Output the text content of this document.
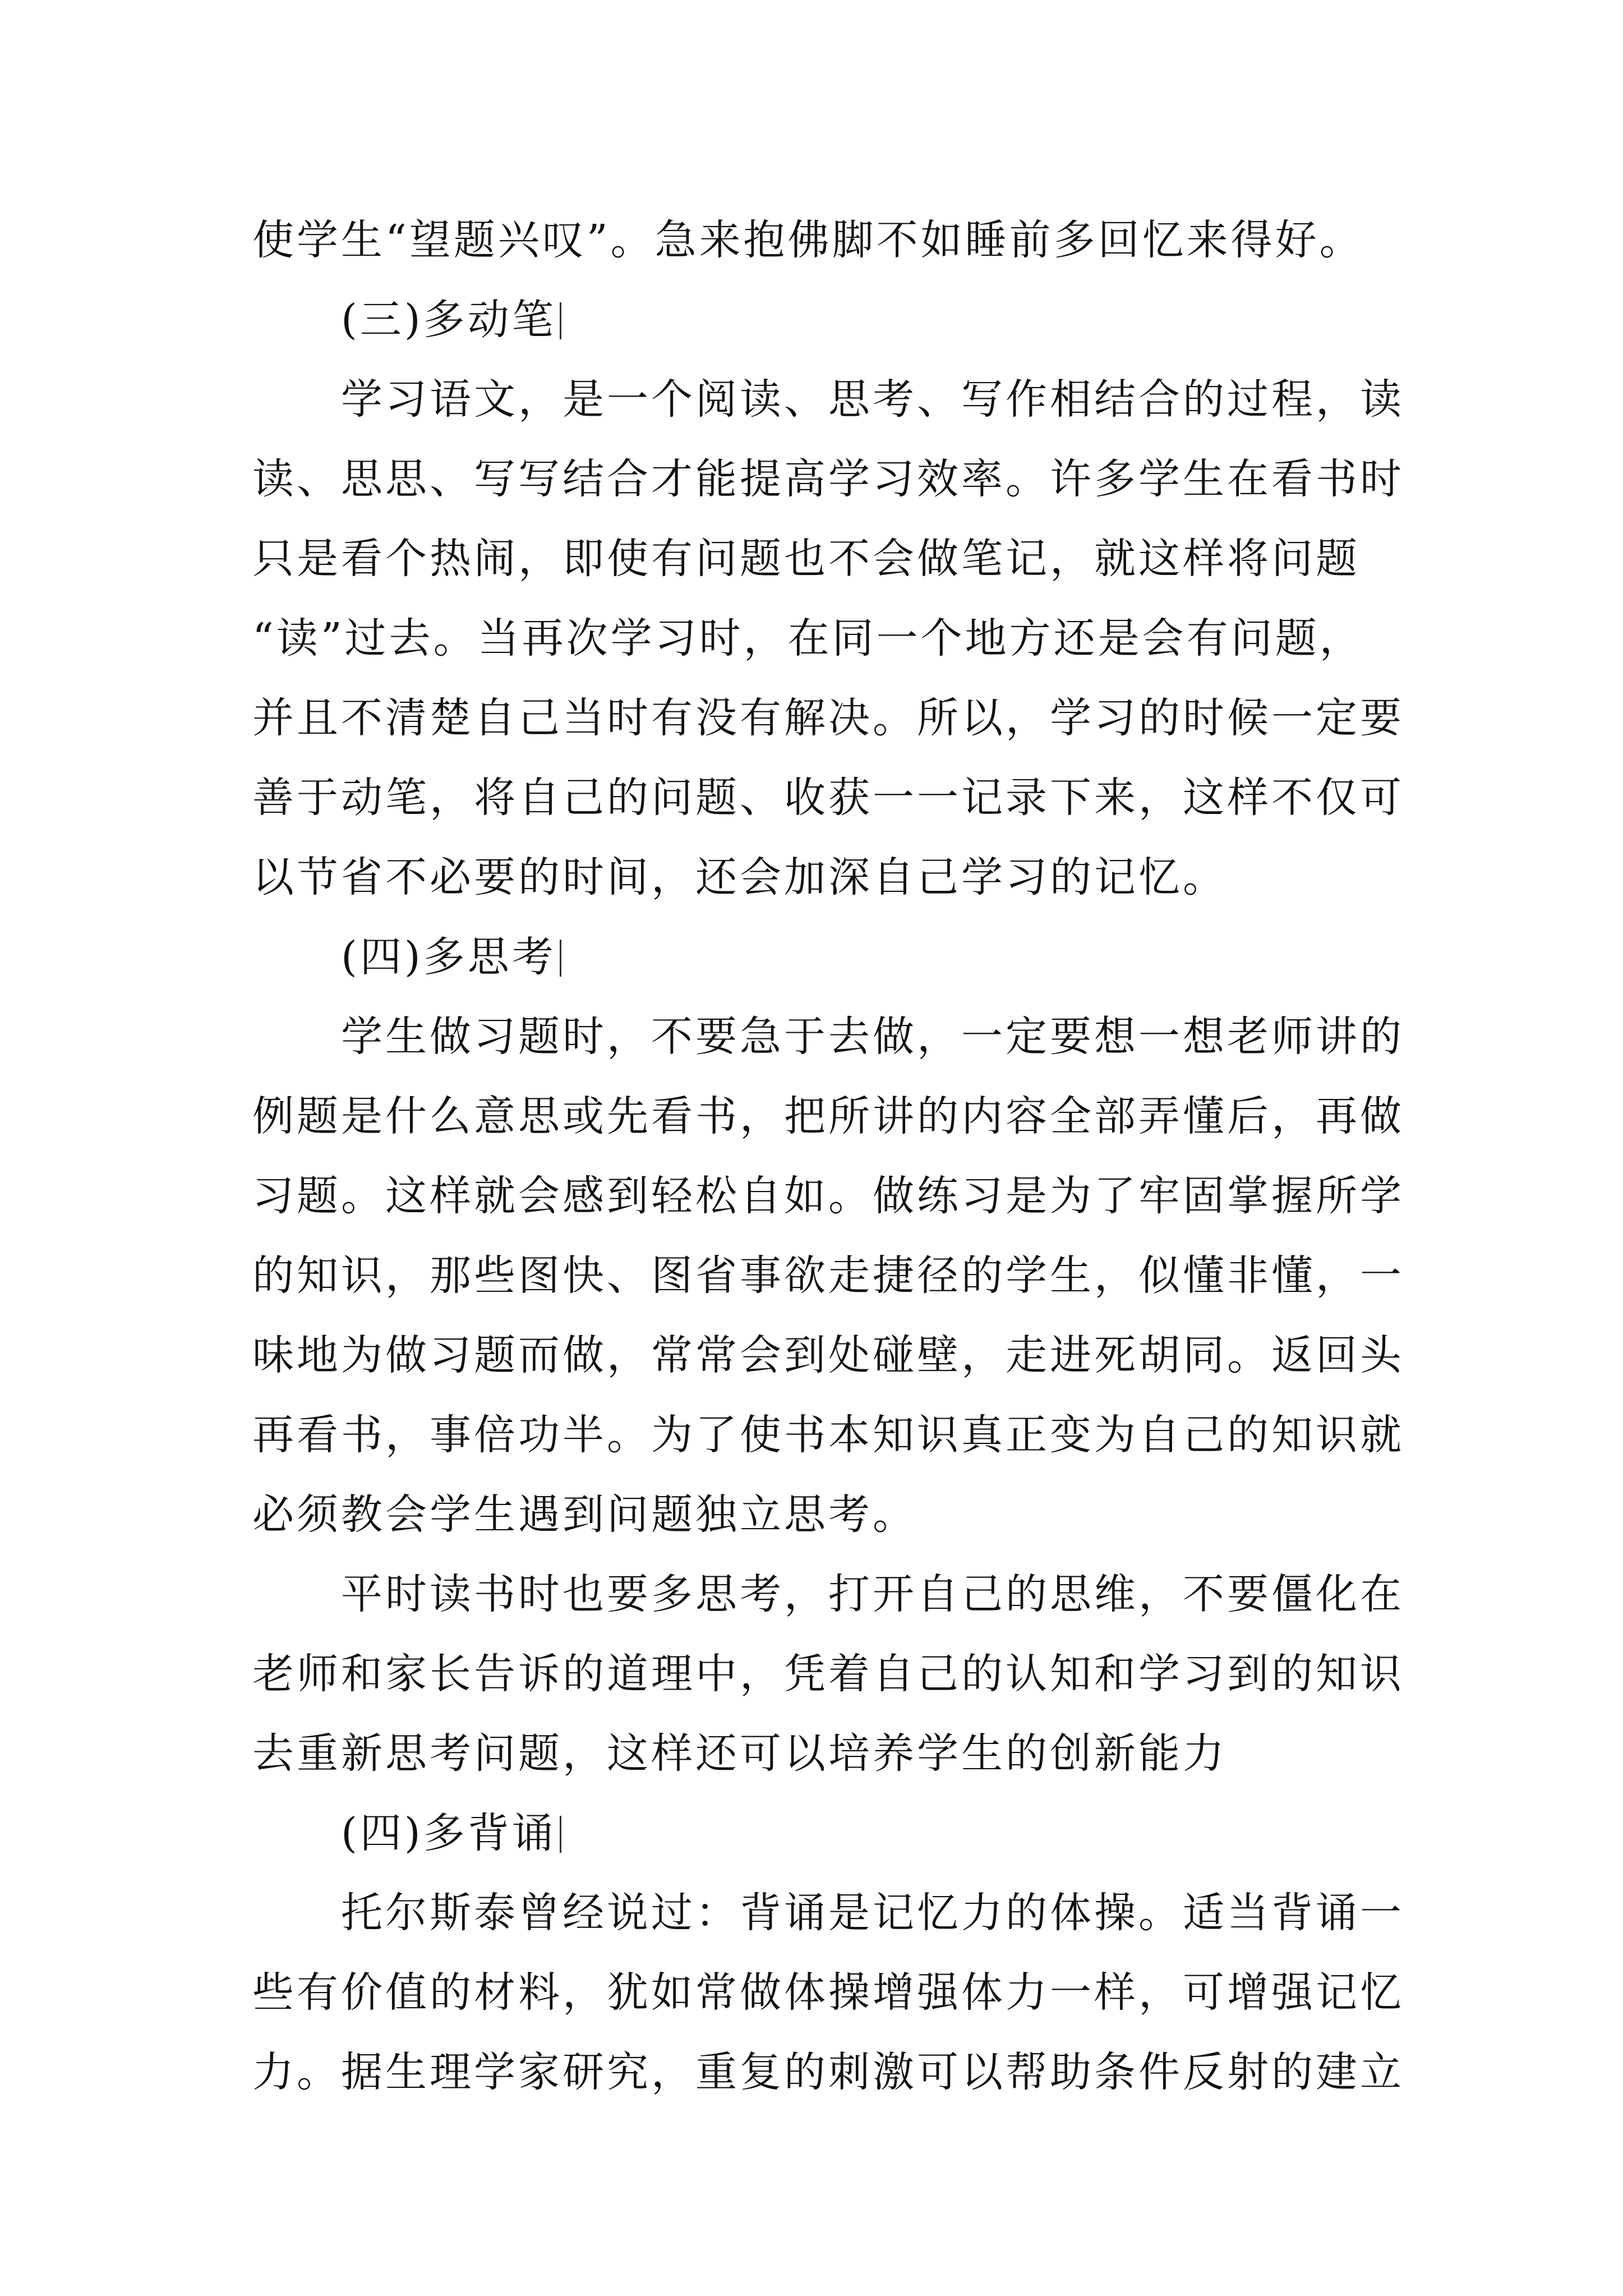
使学生“望题兴叹”。急来抱佛脚不如睡前多回忆来得好。
(三)多动笔
学习语文，是一个阅读、思考、写作相结合的过程，读
读、思思、写写结合才能提高学习效率。许多学生在看书时
只是看个热闹，即使有问题也不会做笔记，就这样将问题
“读”过去。当再次学习时，在同一个地方还是会有问题，
并且不清楚自己当时有没有解决。所以，学习的时候一定要
善于动笔，将自己的问题、收获一一记录下来，这样不仅可
以节省不必要的时间，还会加深自己学习的记忆。
(四)多思考
学生做习题时，不要急于去做，一定要想一想老师讲的
例题是什么意思或先看书，把所讲的内容全部弄懂后，再做
习题。这样就会感到轻松自如。做练习是为了牢固掌握所学
的知识，那些图快、图省事欲走捷径的学生，似懂非懂，一
味地为做习题而做，常常会到处碰壁，走进死胡同。返回头
再看书，事倍功半。为了使书本知识真正变为自己的知识就
必须教会学生遇到问题独立思考。
平时读书时也要多思考，打开自己的思维，不要僵化在
老师和家长告诉的道理中，凭着自己的认知和学习到的知识
去重新思考问题，这样还可以培养学生的创新能力
(四)多背诵
托尔斯泰曾经说过：背诵是记忆力的体操。适当背诵一
些有价值的材料，犹如常做体操增强体力一样，可增强记忆
力。据生理学家研究，重复的刺激可以帮助条件反射的建立
